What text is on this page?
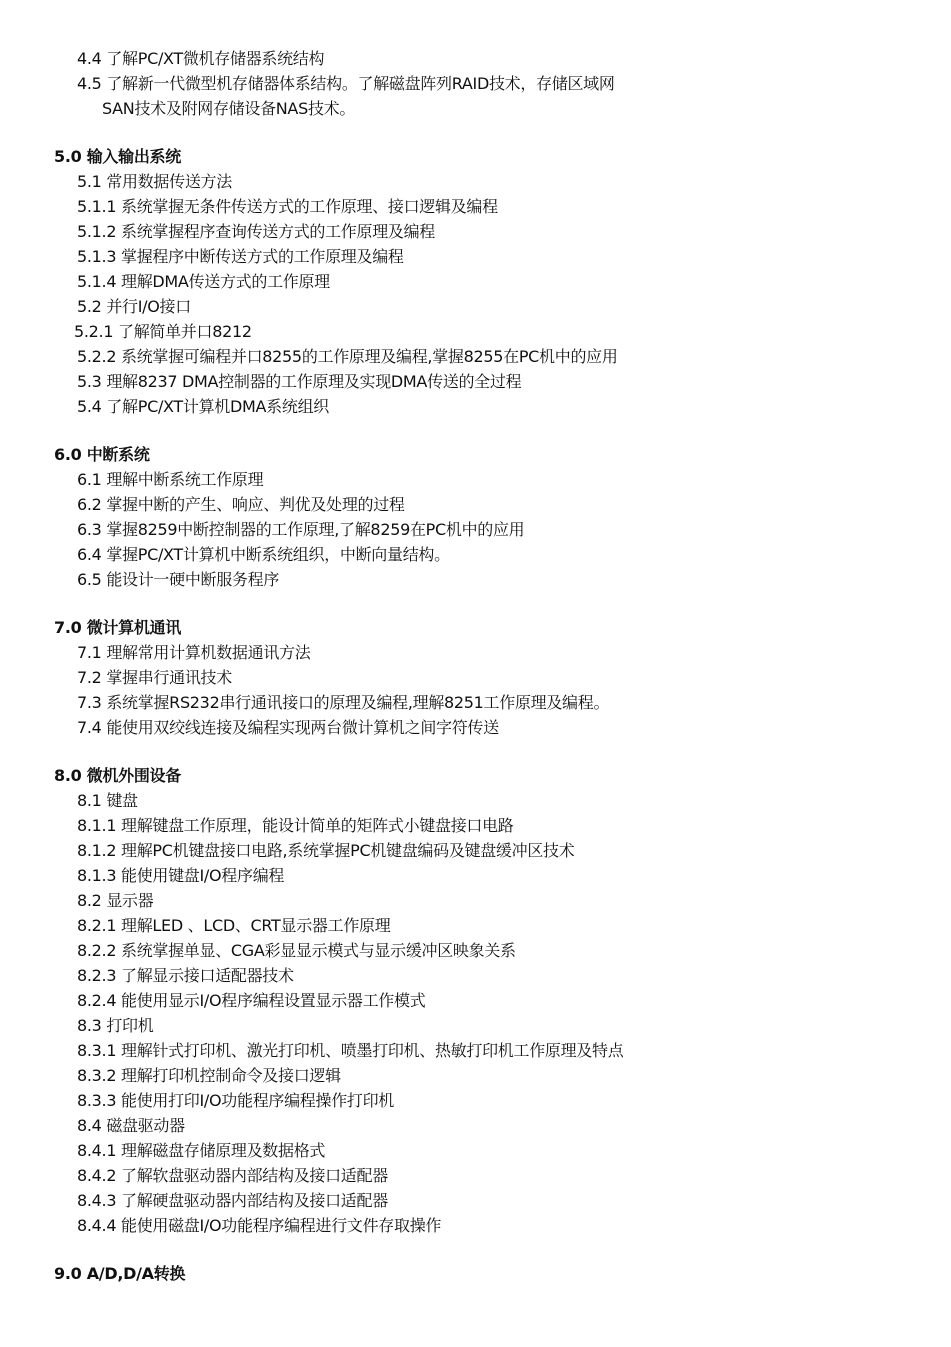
4.4 了解PC/XT微机存储器系统结构
4.5 了解新一代微型机存储器体系结构。了解磁盘阵列RAID技术，存储区域网
SAN技术及附网存储设备NAS技术。
5.0 输入输出系统
5.1 常用数据传送方法
5.1.1 系统掌握无条件传送方式的工作原理、接口逻辑及编程
5.1.2 系统掌握程序查询传送方式的工作原理及编程
5.1.3 掌握程序中断传送方式的工作原理及编程
5.1.4 理解DMA传送方式的工作原理
5.2 并行I/O接口
5.2.1 了解简单并口8212
5.2.2 系统掌握可编程并口8255的工作原理及编程,掌握8255在PC机中的应用
5.3 理解8237 DMA控制器的工作原理及实现DMA传送的全过程
5.4 了解PC/XT计算机DMA系统组织
6.0 中断系统
6.1 理解中断系统工作原理
6.2 掌握中断的产生、响应、判优及处理的过程
6.3 掌握8259中断控制器的工作原理,了解8259在PC机中的应用
6.4 掌握PC/XT计算机中断系统组织，中断向量结构。
6.5 能设计一硬中断服务程序
7.0 微计算机通讯
7.1 理解常用计算机数据通讯方法
7.2 掌握串行通讯技术
7.3 系统掌握RS232串行通讯接口的原理及编程,理解8251工作原理及编程。
7.4 能使用双绞线连接及编程实现两台微计算机之间字符传送
8.0 微机外围设备
8.1 键盘
8.1.1 理解键盘工作原理，能设计简单的矩阵式小键盘接口电路
8.1.2 理解PC机键盘接口电路,系统掌握PC机键盘编码及键盘缓冲区技术
8.1.3 能使用键盘I/O程序编程
8.2 显示器
8.2.1 理解LED 、LCD、CRT显示器工作原理
8.2.2 系统掌握单显、CGA彩显显示模式与显示缓冲区映象关系
8.2.3 了解显示接口适配器技术
8.2.4 能使用显示I/O程序编程设置显示器工作模式
8.3 打印机
8.3.1 理解针式打印机、激光打印机、喷墨打印机、热敏打印机工作原理及特点
8.3.2 理解打印机控制命令及接口逻辑
8.3.3 能使用打印I/O功能程序编程操作打印机
8.4 磁盘驱动器
8.4.1 理解磁盘存储原理及数据格式
8.4.2 了解软盘驱动器内部结构及接口适配器
8.4.3 了解硬盘驱动器内部结构及接口适配器
8.4.4 能使用磁盘I/O功能程序编程进行文件存取操作
9.0 A/D,D/A转换
